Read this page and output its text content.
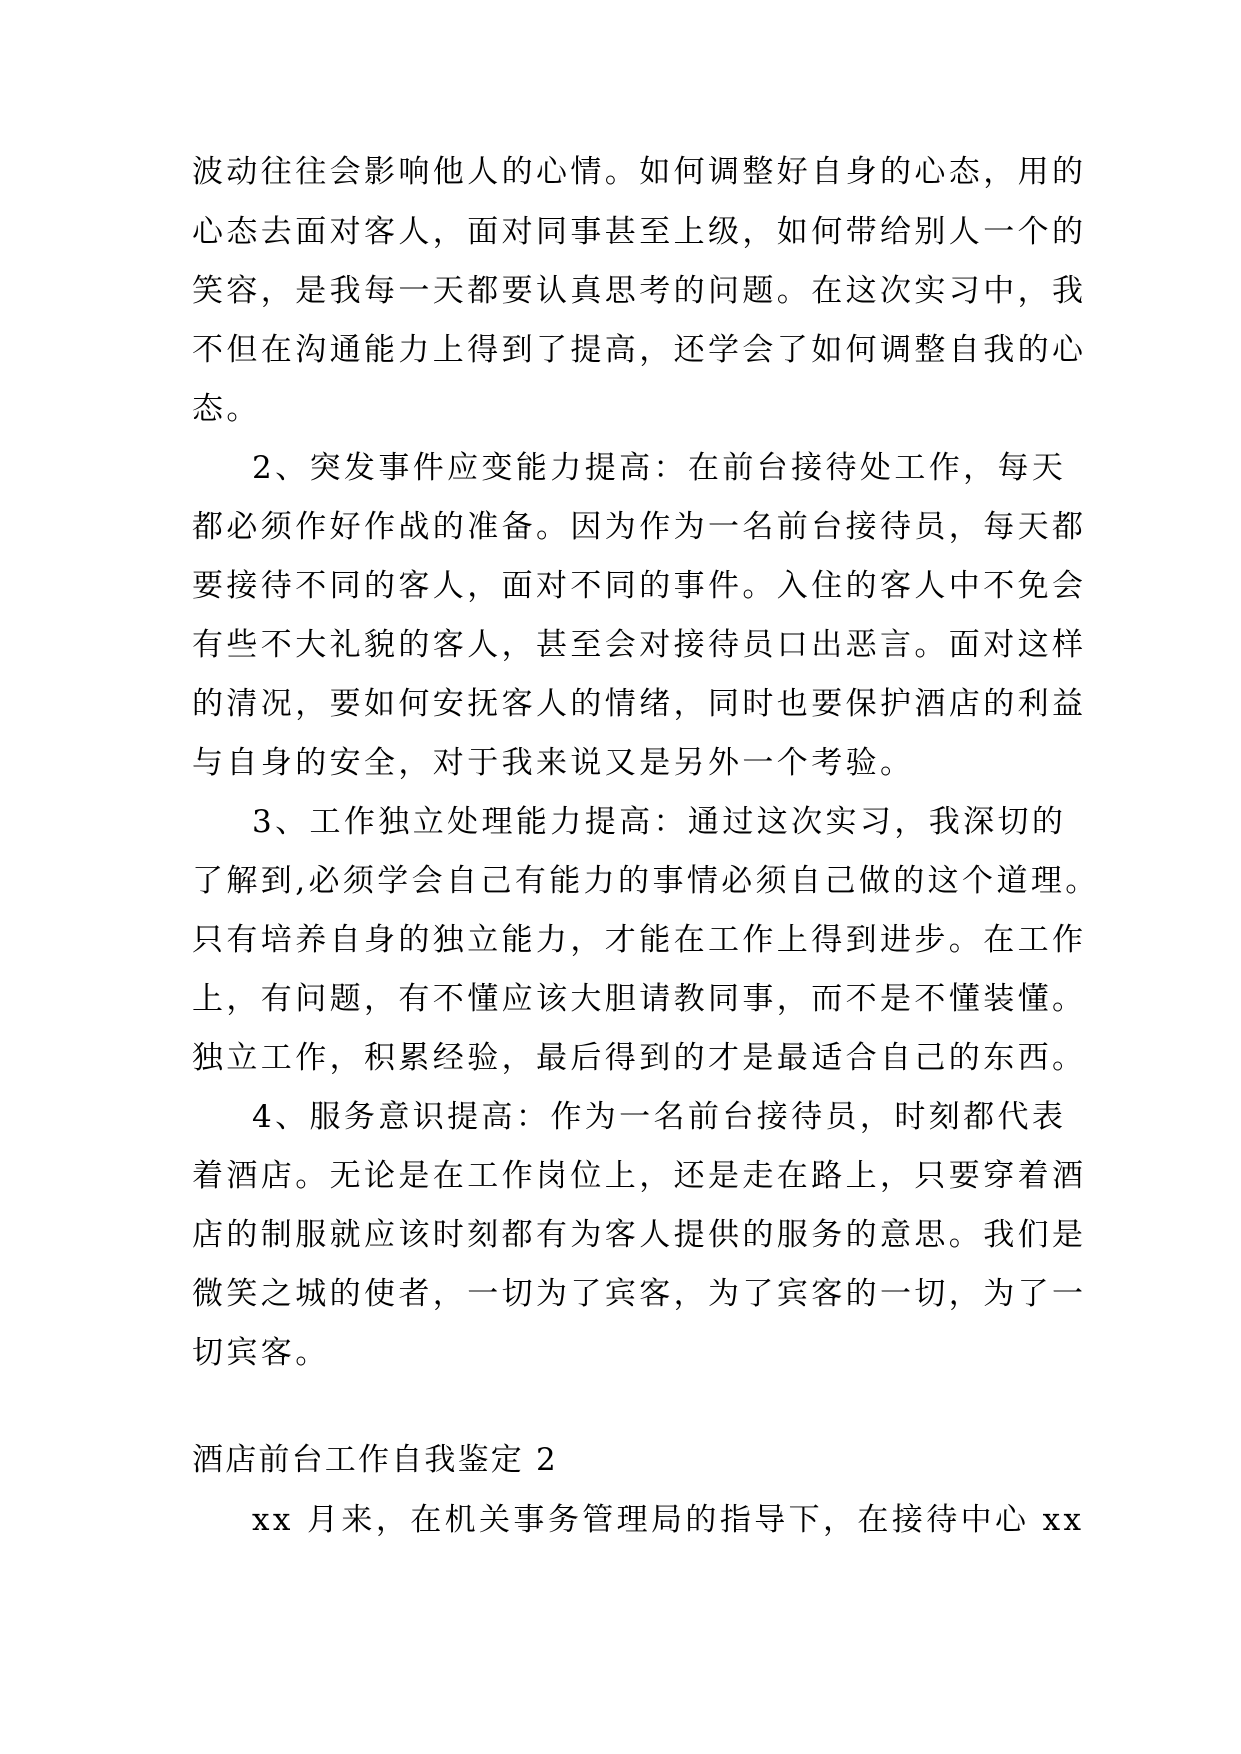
波动往往会影响他人的心情。如何调整好自身的心态，用的
心态去面对客人，面对同事甚至上级，如何带给别人一个的
笑容，是我每一天都要认真思考的问题。在这次实习中，我
不但在沟通能力上得到了提高，还学会了如何调整自我的心
态。
2、突发事件应变能力提高：在前台接待处工作，每天
都必须作好作战的准备。因为作为一名前台接待员，每天都
要接待不同的客人，面对不同的事件。入住的客人中不免会
有些不大礼貌的客人，甚至会对接待员口出恶言。面对这样
的清况，要如何安抚客人的情绪，同时也要保护酒店的利益
与自身的安全，对于我来说又是另外一个考验。
3、工作独立处理能力提高：通过这次实习，我深切的
了解到,必须学会自己有能力的事情必须自己做的这个道理。
只有培养自身的独立能力，才能在工作上得到进步。在工作
上，有问题，有不懂应该大胆请教同事，而不是不懂装懂。
独立工作，积累经验，最后得到的才是最适合自己的东西。
4、服务意识提高：作为一名前台接待员，时刻都代表
着酒店。无论是在工作岗位上，还是走在路上，只要穿着酒
店的制服就应该时刻都有为客人提供的服务的意思。我们是
微笑之城的使者，一切为了宾客，为了宾客的一切，为了一
切宾客。
酒店前台工作自我鉴定 2
xx 月来，在机关事务管理局的指导下，在接待中心 xx
